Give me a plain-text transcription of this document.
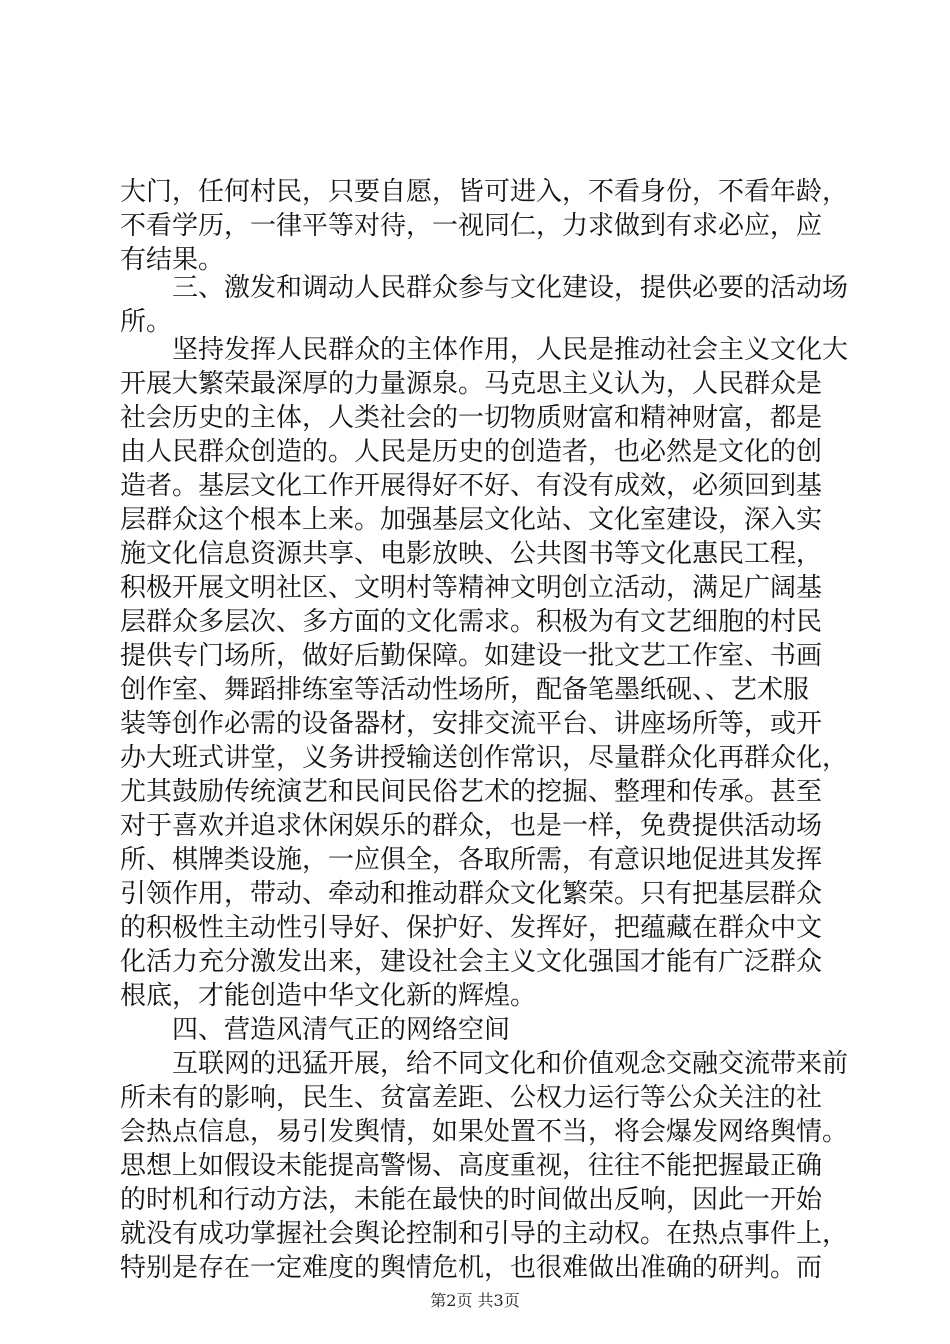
大门，任何村民，只要自愿，皆可进入，不看身份，不看年龄，
不看学历，一律平等对待，一视同仁，力求做到有求必应，应
有结果。
三、激发和调动人民群众参与文化建设，提供必要的活动场
所。
坚持发挥人民群众的主体作用，人民是推动社会主义文化大
开展大繁荣最深厚的力量源泉。马克思主义认为，人民群众是
社会历史的主体，人类社会的一切物质财富和精神财富，都是
由人民群众创造的。人民是历史的创造者，也必然是文化的创
造者。基层文化工作开展得好不好、有没有成效，必须回到基
层群众这个根本上来。加强基层文化站、文化室建设，深入实
施文化信息资源共享、电影放映、公共图书等文化惠民工程，
积极开展文明社区、文明村等精神文明创立活动，满足广阔基
层群众多层次、多方面的文化需求。积极为有文艺细胞的村民
提供专门场所，做好后勤保障。如建设一批文艺工作室、书画
创作室、舞蹈排练室等活动性场所，配备笔墨纸砚、、艺术服
装等创作必需的设备器材，安排交流平台、讲座场所等，或开
办大班式讲堂，义务讲授输送创作常识，尽量群众化再群众化，
尤其鼓励传统演艺和民间民俗艺术的挖掘、整理和传承。甚至
对于喜欢并追求休闲娱乐的群众，也是一样，免费提供活动场
所、棋牌类设施，一应俱全，各取所需，有意识地促进其发挥
引领作用，带动、牵动和推动群众文化繁荣。只有把基层群众
的积极性主动性引导好、保护好、发挥好，把蕴藏在群众中文
化活力充分激发出来，建设社会主义文化强国才能有广泛群众
根底，才能创造中华文化新的辉煌。
四、营造风清气正的网络空间
互联网的迅猛开展，给不同文化和价值观念交融交流带来前
所未有的影响，民生、贫富差距、公权力运行等公众关注的社
会热点信息，易引发舆情，如果处置不当，将会爆发网络舆情。
思想上如假设未能提高警惕、高度重视，往往不能把握最正确
的时机和行动方法，未能在最快的时间做出反响，因此一开始
就没有成功掌握社会舆论控制和引导的主动权。在热点事件上，
特别是存在一定难度的舆情危机，也很难做出准确的研判。而
第2页 共3页
